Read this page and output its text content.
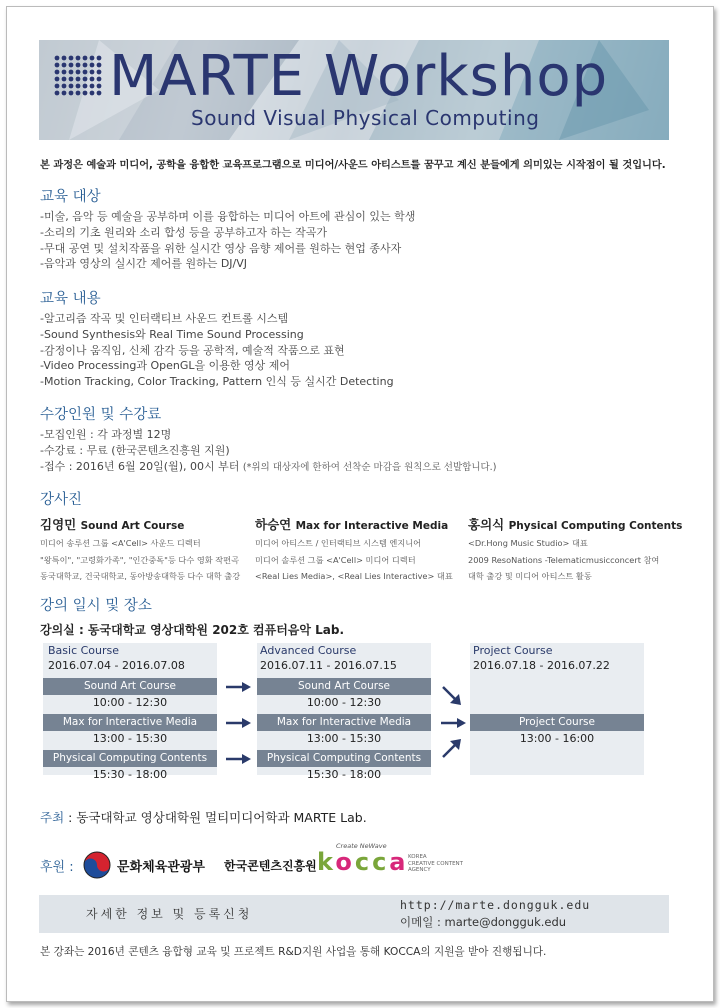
MARTE Workshop
Sound Visual Physical Computing
본 과정은 예술과 미디어, 공학을 융합한 교육프로그램으로 미디어/사운드 아티스트를 꿈꾸고 계신 분들에게 의미있는 시작점이 될 것입니다.
교육 대상
-미술, 음악 등 예술을 공부하며 이를 융합하는 미디어 아트에 관심이 있는 학생
-소리의 기초 원리와 소리 합성 등을 공부하고자 하는 작곡가
-무대 공연 및 설치작품을 위한 실시간 영상 음향 제어를 원하는 현업 종사자
-음악과 영상의 실시간 제어를 원하는 DJ/VJ
교육 내용
-알고리즘 작곡 및 인터랙티브 사운드 컨트롤 시스템
-Sound Synthesis와 Real Time Sound Processing
-감정이나 움직임, 신체 감각 등을 공학적, 예술적 작품으로 표현
-Video Processing과 OpenGL을 이용한 영상 제어
-Motion Tracking, Color Tracking, Pattern 인식 등 실시간 Detecting
수강인원 및 수강료
-모집인원 : 각 과정별 12명
-수강료 : 무료 (한국콘텐츠진흥원 지원)
-접수 : 2016년 6월 20일(월), 00시 부터 (*위의 대상자에 한하여 선착순 마감을 원칙으로 선발합니다.)
강사진
김영민 Sound Art Course
미디어 송루션 그룹 <A'Cell> 사운드 디렉터
"왕특이", "고령화가족", "인간중독"등 다수 영화 작편곡
동국대학교, 건국대학교, 동아방송대학등 다수 대학 출강
하승연 Max for Interactive Media
미디어 아티스트 / 인터랙티브 시스템 엔지니어
미디어 솔루션 그룹 <A'Cell> 미디어 디렉터
<Real Lies Media>, <Real Lies Interactive> 대표
홍의식 Physical Computing Contents
<Dr.Hong Music Studio> 대표
2009 ResoNations -Telematicmusicconcert 참여
대학 출강 및 미디어 아티스트 활동
강의 일시 및 장소
강의실 : 동국대학교 영상대학원 202호 컴퓨터음악 Lab.
Basic Course
2016.07.04 - 2016.07.08
Sound Art Course
10:00 - 12:30
Max for Interactive Media
13:00 - 15:30
Physical Computing Contents
15:30 - 18:00
Advanced Course
2016.07.11 - 2016.07.15
Sound Art Course
10:00 - 12:30
Max for Interactive Media
13:00 - 15:30
Physical Computing Contents
15:30 - 18:00
Project Course
2016.07.18 - 2016.07.22
Project Course
13:00 - 16:00
주최 : 동국대학교 영상대학원 멀티미디어학과 MARTE Lab.
후원 :	문화체육관광부 한국콘텐츠진흥원
Create NeWave
kocca KOREA
CREATIVE CONTENT
AGENCY
자세한 정보 및 등록신청
http://marte.dongguk.edu
이메일 : marte@dongguk.edu
본 강좌는 2016년 콘텐츠 융합형 교육 및 프로젝트 R&D지원 사업을 통해 KOCCA의 지원을 받아 진행됩니다.
